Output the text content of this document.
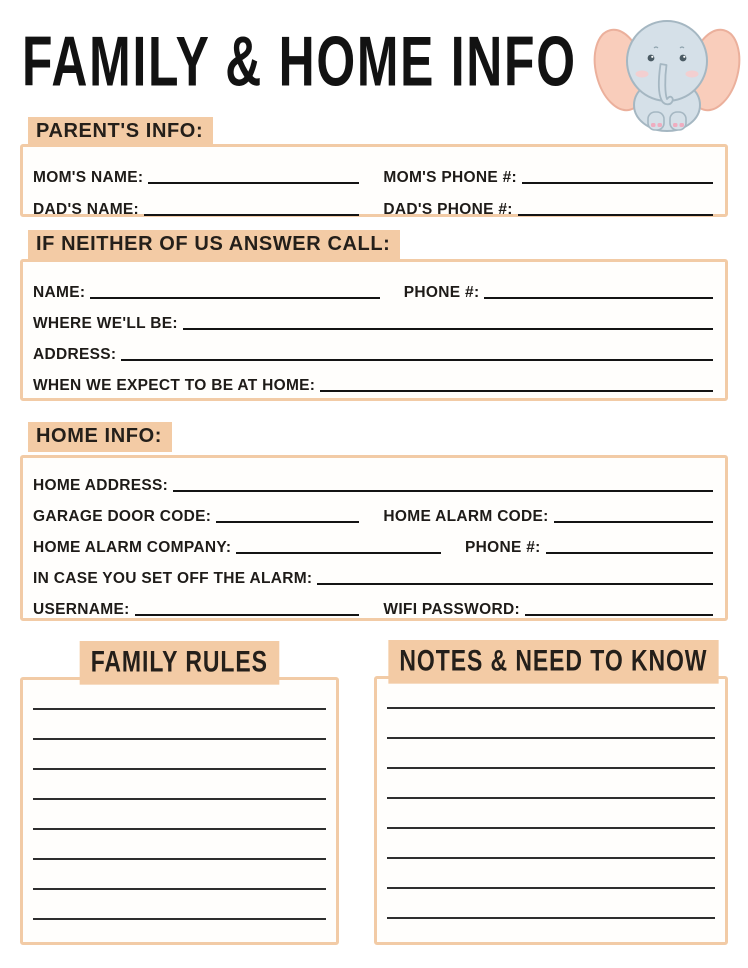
FAMILY & HOME INFO
PARENT'S INFO:
MOM'S NAME:	MOM'S PHONE #:
DAD'S NAME:	DAD'S PHONE #:
IF NEITHER OF US ANSWER CALL:
NAME:	PHONE #:
WHERE WE'LL BE:
ADDRESS:
WHEN WE EXPECT TO BE AT HOME:
HOME INFO:
HOME ADDRESS:
GARAGE DOOR CODE:	HOME ALARM CODE:
HOME ALARM COMPANY:	PHONE #:
IN CASE YOU SET OFF THE ALARM:
USERNAME:	WIFI PASSWORD:
FAMILY RULES	NOTES & NEED TO KNOW
